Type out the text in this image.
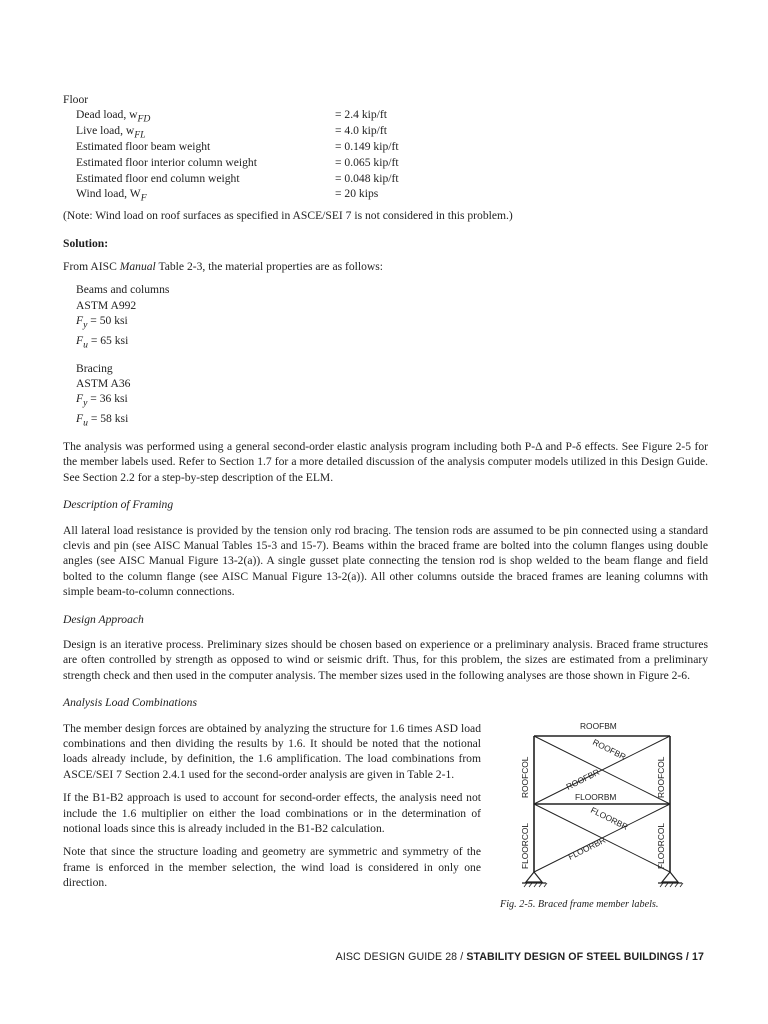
Floor

Dead load, $w_{FD}$	= 2.4 kip/ft
Live load, $w_{FL}$	= 4.0 kip/ft
Estimated floor beam weight	= 0.149 kip/ft
Estimated floor interior column weight	= 0.065 kip/ft
Estimated floor end column weight	= 0.048 kip/ft
Wind load, $W_F$	= 20 kips

(Note: Wind load on roof surfaces as specified in ASCE/SEI 7 is not considered in this problem.)

Solution:

From AISC Manual Table 2-3, the material properties are as follows:

Beams and columns

ASTM A992

$F_y = 50$ ksi

$F_u = 65$ ksi

Bracing

ASTM A36

$F_y = 36$ ksi

$F_u = 58$ ksi

The analysis was performed using a general second-order elastic analysis program including both P-Δ and P-δ effects. See Figure 2-5 for the member labels used. Refer to Section 1.7 for a more detailed discussion of the analysis computer models utilized in this Design Guide. See Section 2.2 for a step-by-step description of the ELM.

Description of Framing

All lateral load resistance is provided by the tension only rod bracing. The tension rods are assumed to be pin connected using a standard clevis and pin (see AISC Manual Tables 15-3 and 15-7). Beams within the braced frame are bolted into the column flanges using double angles (see AISC Manual Figure 13-2(a)). A single gusset plate connecting the tension rod is shop welded to the beam flange and field bolted to the column flange (see AISC Manual Figure 13-2(a)). All other columns outside the braced frames are leaning columns with simple beam-to-column connections.

Design Approach

Design is an iterative process. Preliminary sizes should be chosen based on experience or a preliminary analysis. Braced frame structures are often controlled by strength as opposed to wind or seismic drift. Thus, for this problem, the sizes are estimated from a preliminary strength check and then used in the computer analysis. The member sizes used in the following analyses are those shown in Figure 2-6.

Analysis Load Combinations

The member design forces are obtained by analyzing the structure for 1.6 times ASD load combinations and then dividing the results by 1.6. It should be noted that the notional loads already include, by definition, the 1.6 amplification. The load combinations from ASCE/SEI 7 Section 2.4.1 used for the second-order analysis are given in Table 2-1.

If the B1-B2 approach is used to account for second-order effects, the analysis need not include the 1.6 multiplier on either the load combinations or in the determination of notional loads since this is already included in the B1-B2 calculation.

Note that since the structure loading and geometry are symmetric and symmetry of the frame is enforced in the member selection, the wind load is considered in only one direction.

ROOFBM
ROOFBR
ROOFBR
FLOORBM
FLOORBR
FLOORBR
ROOFCOL	ROOFCOL
FLOORCOL	FLOORCOL

Fig. 2-5. Braced frame member labels.

AISC DESIGN GUIDE 28 / STABILITY DESIGN OF STEEL BUILDINGS / 17
